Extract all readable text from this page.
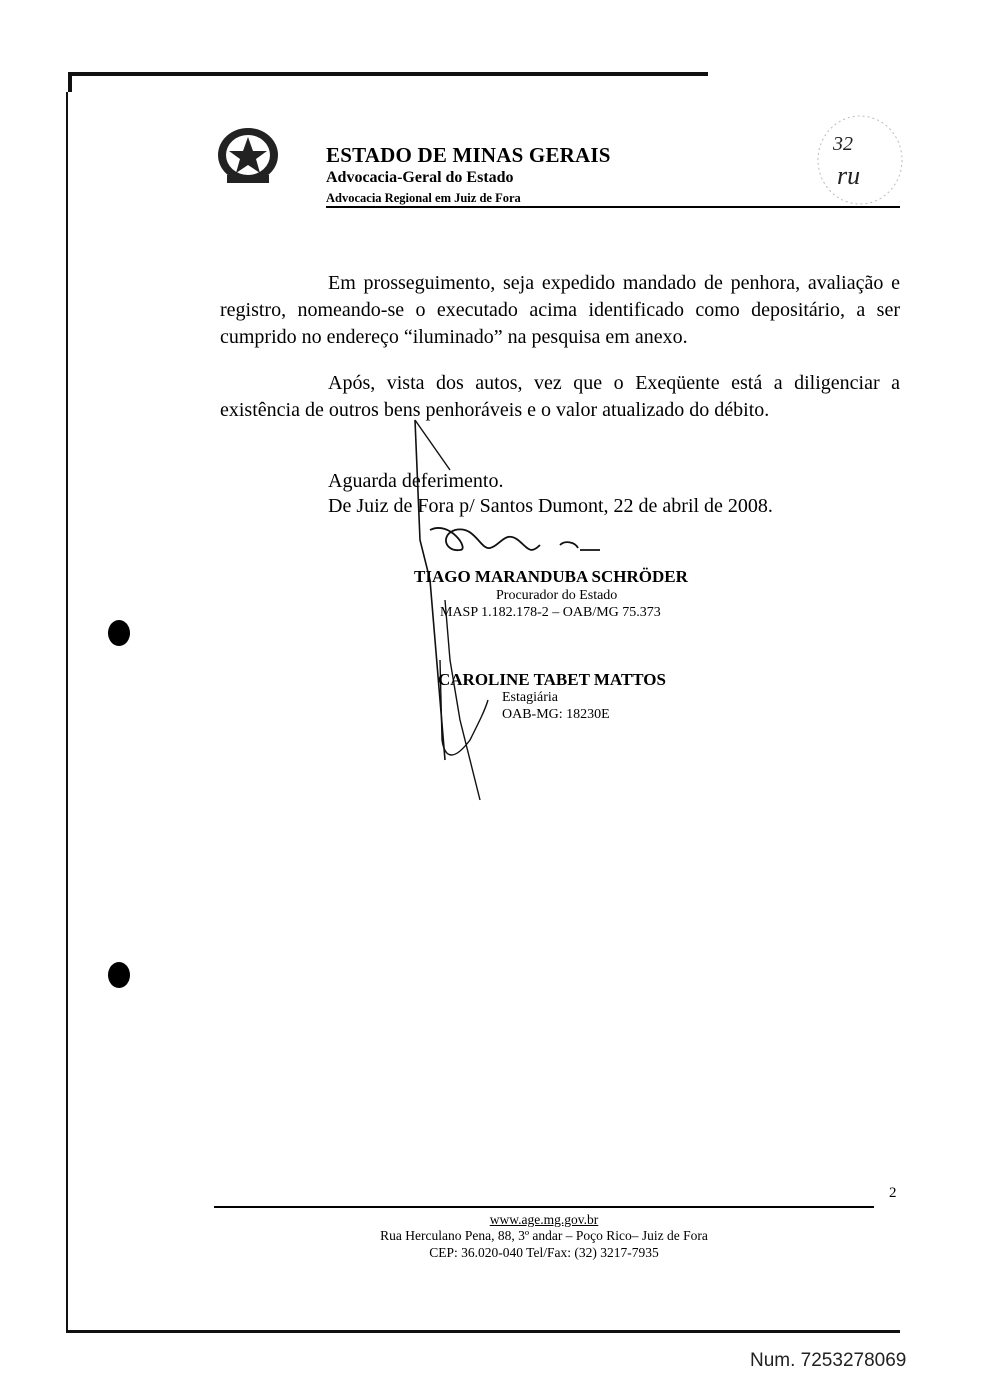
ESTADO DE MINAS GERAIS
Advocacia-Geral do Estado
Advocacia Regional em Juiz de Fora
32
ru
Em prosseguimento, seja expedido mandado de penhora, avaliação e registro, nomeando-se o executado acima identificado como depositário, a ser cumprido no endereço “iluminado” na pesquisa em anexo.
Após, vista dos autos, vez que o Exeqüente está a diligenciar a existência de outros bens penhoráveis e o valor atualizado do débito.
Aguarda deferimento.
De Juiz de Fora p/ Santos Dumont, 22 de abril de 2008.
TIAGO MARANDUBA SCHRÖDER
Procurador do Estado
MASP 1.182.178-2 – OAB/MG 75.373
CAROLINE TABET MATTOS
Estagiária
OAB-MG: 18230E
2
www.age.mg.gov.br
Rua Herculano Pena, 88, 3º andar – Poço Rico– Juiz de Fora
CEP: 36.020-040 Tel/Fax: (32) 3217-7935
Num. 7253278069
